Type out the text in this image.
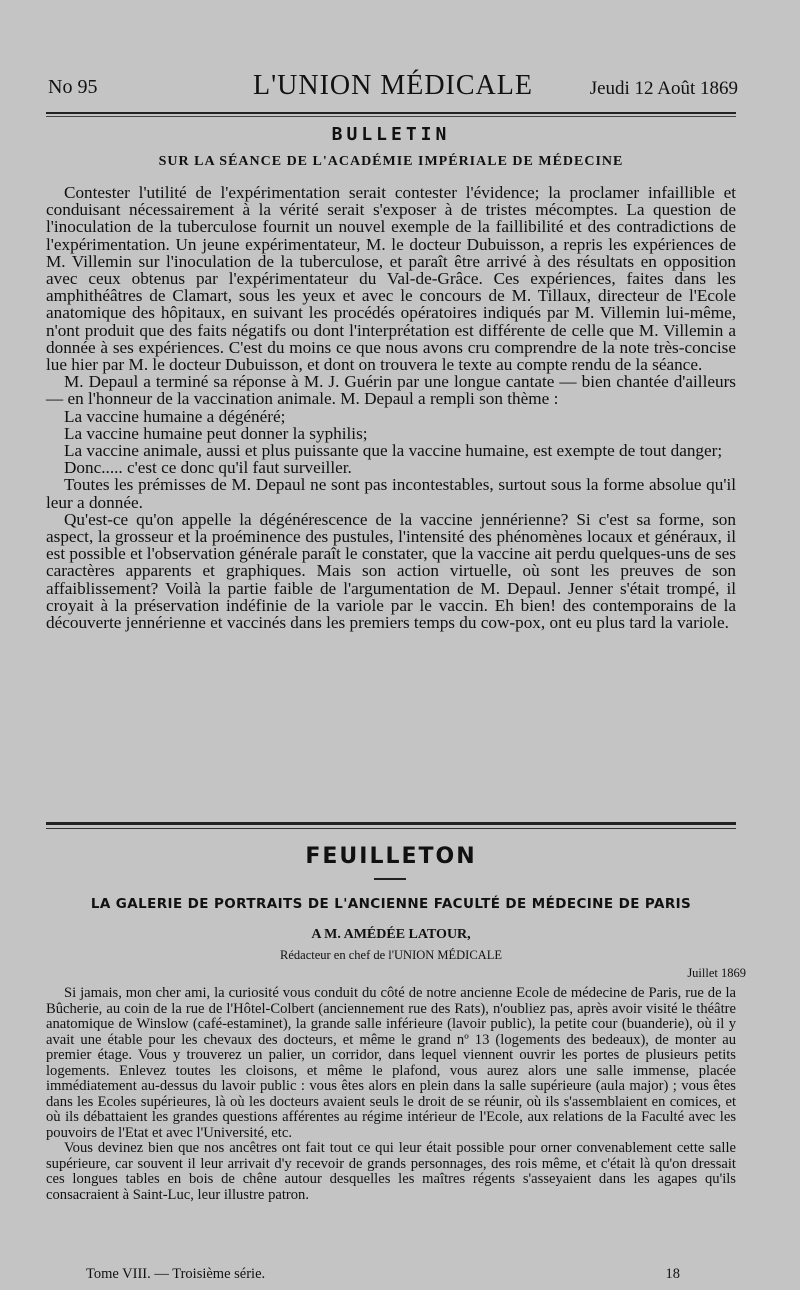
No 95	L'UNION MÉDICALE	Jeudi 12 Août 1869
BULLETIN
SUR LA SÉANCE DE L'ACADÉMIE IMPÉRIALE DE MÉDECINE

Contester l'utilité de l'expérimentation serait contester l'évidence; la proclamer infaillible et conduisant nécessairement à la vérité serait s'exposer à de tristes mécomptes. La question de l'inoculation de la tuberculose fournit un nouvel exemple de la faillibilité et des contradictions de l'expérimentation. Un jeune expérimentateur, M. le docteur Dubuisson, a repris les expériences de M. Villemin sur l'inoculation de la tuberculose, et paraît être arrivé à des résultats en opposition avec ceux obtenus par l'expérimentateur du Val-de-Grâce. Ces expériences, faites dans les amphithéâtres de Clamart, sous les yeux et avec le concours de M. Tillaux, directeur de l'Ecole anatomique des hôpitaux, en suivant les procédés opératoires indiqués par M. Villemin lui-même, n'ont produit que des faits négatifs ou dont l'interprétation est différente de celle que M. Villemin a donnée à ses expériences. C'est du moins ce que nous avons cru comprendre de la note très-concise lue hier par M. le docteur Dubuisson, et dont on trouvera le texte au compte rendu de la séance.

M. Depaul a terminé sa réponse à M. J. Guérin par une longue cantate — bien chantée d'ailleurs — en l'honneur de la vaccination animale. M. Depaul a rempli son thème :

La vaccine humaine a dégénéré;

La vaccine humaine peut donner la syphilis;

La vaccine animale, aussi et plus puissante que la vaccine humaine, est exempte de tout danger;

Donc..... c'est ce donc qu'il faut surveiller.

Toutes les prémisses de M. Depaul ne sont pas incontestables, surtout sous la forme absolue qu'il leur a donnée.

Qu'est-ce qu'on appelle la dégénérescence de la vaccine jennérienne? Si c'est sa forme, son aspect, la grosseur et la proéminence des pustules, l'intensité des phénomènes locaux et généraux, il est possible et l'observation générale paraît le constater, que la vaccine ait perdu quelques-uns de ses caractères apparents et graphiques. Mais son action virtuelle, où sont les preuves de son affaiblissement? Voilà la partie faible de l'argumentation de M. Depaul. Jenner s'était trompé, il croyait à la préservation indéfinie de la variole par le vaccin. Eh bien! des contemporains de la découverte jennérienne et vaccinés dans les premiers temps du cow-pox, ont eu plus tard la variole.

FEUILLETON
LA GALERIE DE PORTRAITS DE L'ANCIENNE FACULTÉ DE MÉDECINE DE PARIS
A M. AMÉDÉE LATOUR,
Rédacteur en chef de l'UNION MÉDICALE
Juillet 1869

Si jamais, mon cher ami, la curiosité vous conduit du côté de notre ancienne Ecole de médecine de Paris, rue de la Bûcherie, au coin de la rue de l'Hôtel-Colbert (anciennement rue des Rats), n'oubliez pas, après avoir visité le théâtre anatomique de Winslow (café-estaminet), la grande salle inférieure (lavoir public), la petite cour (buanderie), où il y avait une étable pour les chevaux des docteurs, et même le grand nº 13 (logements des bedeaux), de monter au premier étage. Vous y trouverez un palier, un corridor, dans lequel viennent ouvrir les portes de plusieurs petits logements. Enlevez toutes les cloisons, et même le plafond, vous aurez alors une salle immense, placée immédiatement au-dessus du lavoir public : vous êtes alors en plein dans la salle supérieure (aula major) ; vous êtes dans les Ecoles supérieures, là où les docteurs avaient seuls le droit de se réunir, où ils s'assemblaient en comices, et où ils débattaient les grandes questions afférentes au régime intérieur de l'Ecole, aux relations de la Faculté avec les pouvoirs de l'Etat et avec l'Université, etc.

Vous devinez bien que nos ancêtres ont fait tout ce qui leur était possible pour orner convenablement cette salle supérieure, car souvent il leur arrivait d'y recevoir de grands personnages, des rois même, et c'était là qu'on dressait ces longues tables en bois de chêne autour desquelles les maîtres régents s'asseyaient dans les agapes qu'ils consacraient à Saint-Luc, leur illustre patron.

Tome VIII. — Troisième série.	18
